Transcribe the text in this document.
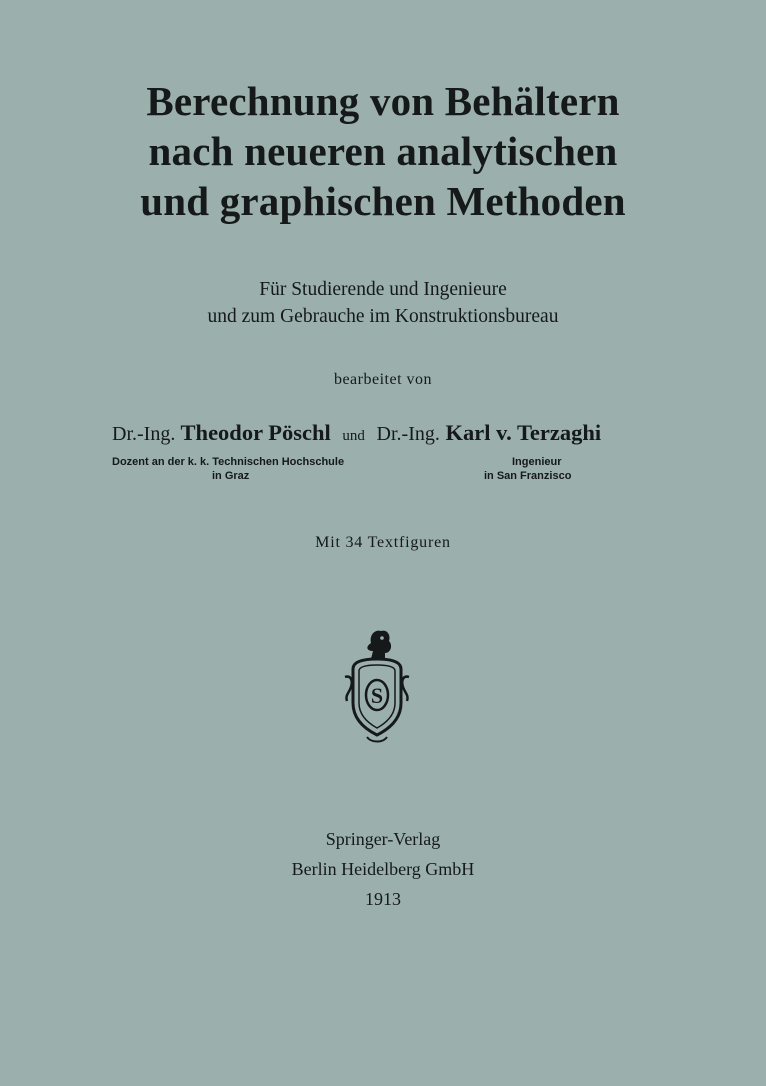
Berechnung von Behältern
nach neueren analytischen
und graphischen Methoden
Für Studierende und Ingenieure
und zum Gebrauche im Konstruktionsbureau
bearbeitet von
Dr.-Ing. Theodor Pöschl und Dr.-Ing. Karl v. Terzaghi
Dozent an der k. k. Technischen Hochschule
in Graz
Ingenieur
in San Franzisco
Mit 34 Textfiguren
S
Springer-Verlag
Berlin Heidelberg GmbH
1913
